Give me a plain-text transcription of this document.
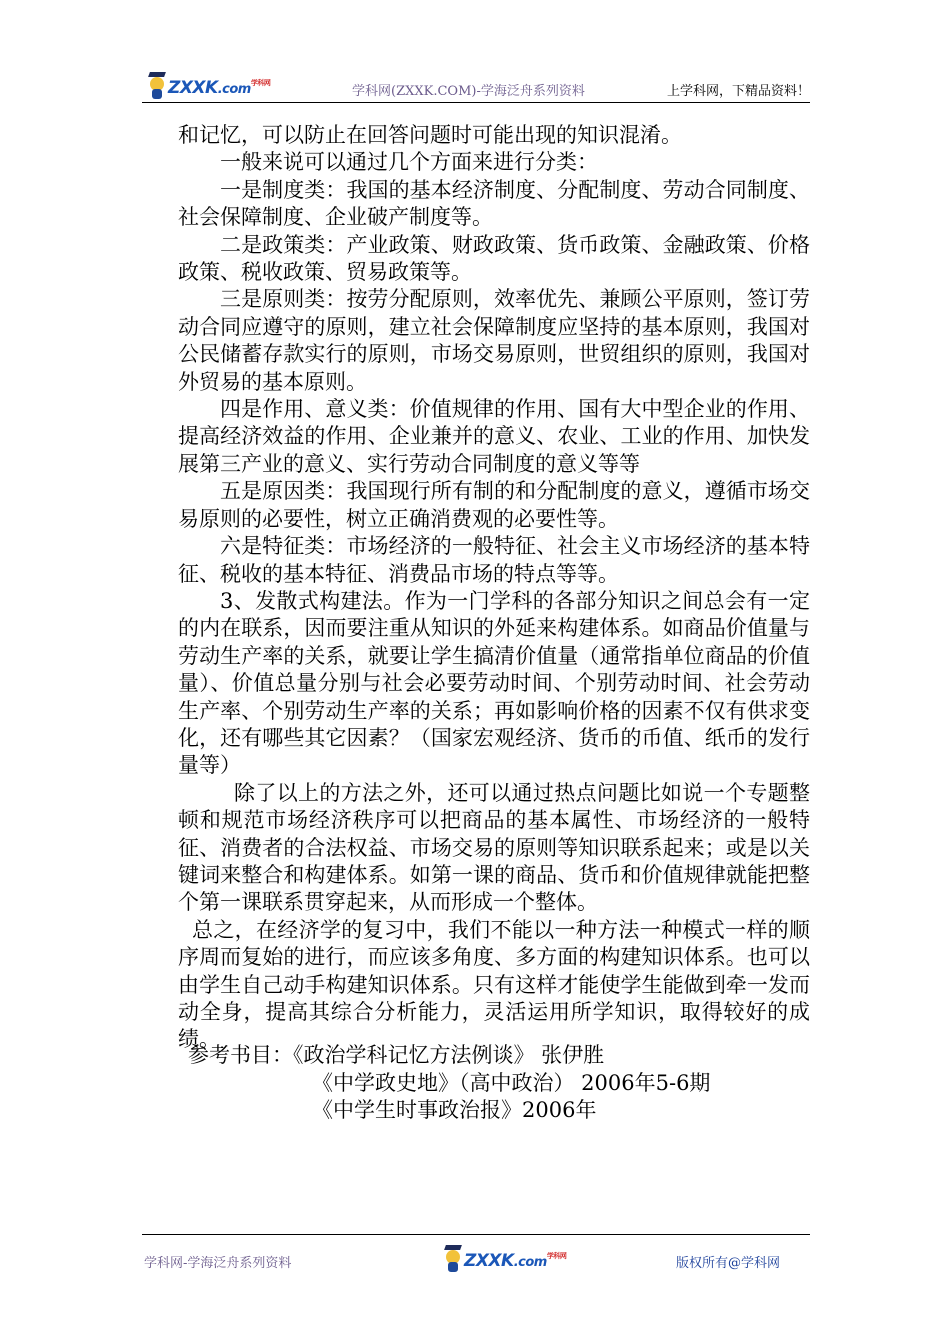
ZXXK.com$^{学科网}$
学科网(ZXXK.COM)-学海泛舟系列资料	上学科网，下精品资料！

和记忆，可以防止在回答问题时可能出现的知识混淆。

一般来说可以通过几个方面来进行分类：

一是制度类：我国的基本经济制度、分配制度、劳动合同制度、社会保障制度、企业破产制度等。

二是政策类：产业政策、财政政策、货币政策、金融政策、价格政策、税收政策、贸易政策等。

三是原则类：按劳分配原则，效率优先、兼顾公平原则，签订劳动合同应遵守的原则，建立社会保障制度应坚持的基本原则，我国对公民储蓄存款实行的原则，市场交易原则，世贸组织的原则，我国对外贸易的基本原则。

四是作用、意义类：价值规律的作用、国有大中型企业的作用、提高经济效益的作用、企业兼并的意义、农业、工业的作用、加快发展第三产业的意义、实行劳动合同制度的意义等等

五是原因类：我国现行所有制的和分配制度的意义，遵循市场交易原则的必要性，树立正确消费观的必要性等。

六是特征类：市场经济的一般特征、社会主义市场经济的基本特征、税收的基本特征、消费品市场的特点等等。

3、发散式构建法。作为一门学科的各部分知识之间总会有一定的内在联系，因而要注重从知识的外延来构建体系。如商品价值量与劳动生产率的关系，就要让学生搞清价值量（通常指单位商品的价值量）、价值总量分别与社会必要劳动时间、个别劳动时间、社会劳动生产率、个别劳动生产率的关系；再如影响价格的因素不仅有供求变化，还有哪些其它因素？（国家宏观经济、货币的币值、纸币的发行量等）

除了以上的方法之外，还可以通过热点问题比如说一个专题整顿和规范市场经济秩序可以把商品的基本属性、市场经济的一般特征、消费者的合法权益、市场交易的原则等知识联系起来；或是以关键词来整合和构建体系。如第一课的商品、货币和价值规律就能把整个第一课联系贯穿起来，从而形成一个整体。

总之，在经济学的复习中，我们不能以一种方法一种模式一样的顺序周而复始的进行，而应该多角度、多方面的构建知识体系。也可以由学生自己动手构建知识体系。只有这样才能使学生能做到牵一发而动全身，提高其综合分析能力，灵活运用所学知识，取得较好的成绩。

参考书目：《政治学科记忆方法例谈》 张伊胜
《中学政史地》（高中政治） 2006年5-6期
《中学生时事政治报》2006年
学科网-学海泛舟系列资料	ZXXK.com$^{学科网}$	版权所有@学科网
